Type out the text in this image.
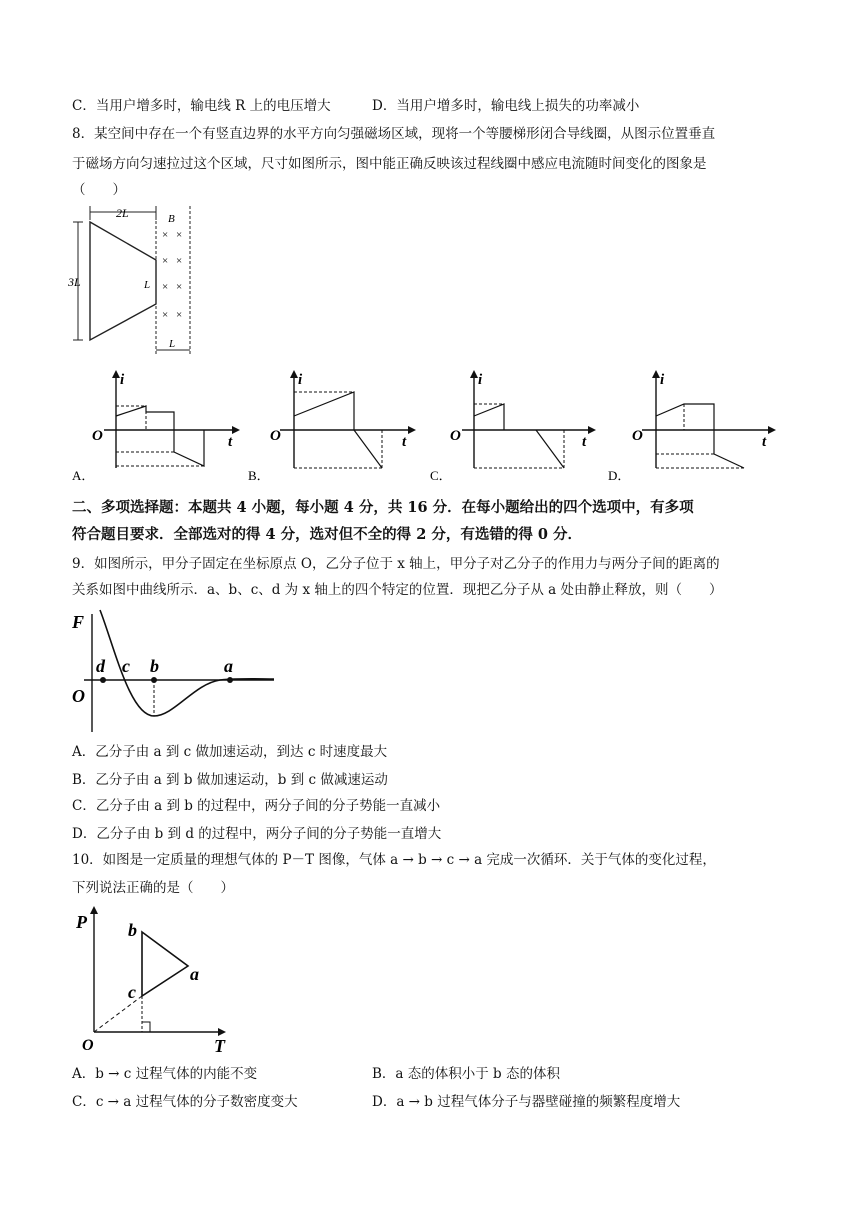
C．当用户增多时，输电线 R 上的电压增大	D．当用户增多时，输电线上损失的功率减小
8．某空间中存在一个有竖直边界的水平方向匀强磁场区域，现将一个等腰梯形闭合导线圈，从图示位置垂直
于磁场方向匀速拉过这个区域，尺寸如图所示，图中能正确反映该过程线圈中感应电流随时间变化的图象是
（　　）
2L
3L	L
B
× ×
× ×
× ×
× ×
L
i
t
O
A．
i
t
O
B．
i
t
O
C．
i
t
O
D．
二、多项选择题：本题共 4 小题，每小题 4 分，共 16 分．在每小题给出的四个选项中，有多项
符合题目要求．全部选对的得 4 分，选对但不全的得 2 分，有选错的得 0 分．
9．如图所示，甲分子固定在坐标原点 O，乙分子位于 x 轴上，甲分子对乙分子的作用力与两分子间的距离的
关系如图中曲线所示．a、b、c、d 为 x 轴上的四个特定的位置．现把乙分子从 a 处由静止释放，则（　　）
F
O
d c b	a
A．乙分子由 a 到 c 做加速运动，到达 c 时速度最大
B．乙分子由 a 到 b 做加速运动，b 到 c 做减速运动
C．乙分子由 a 到 b 的过程中，两分子间的分子势能一直减小
D．乙分子由 b 到 d 的过程中，两分子间的分子势能一直增大
10．如图是一定质量的理想气体的 P－T 图像，气体 a → b → c → a 完成一次循环．关于气体的变化过程，
下列说法正确的是（　　）
P
T
O
b
a
c
A．b → c 过程气体的内能不变	B．a 态的体积小于 b 态的体积
C．c → a 过程气体的分子数密度变大	D．a → b 过程气体分子与器壁碰撞的频繁程度增大
